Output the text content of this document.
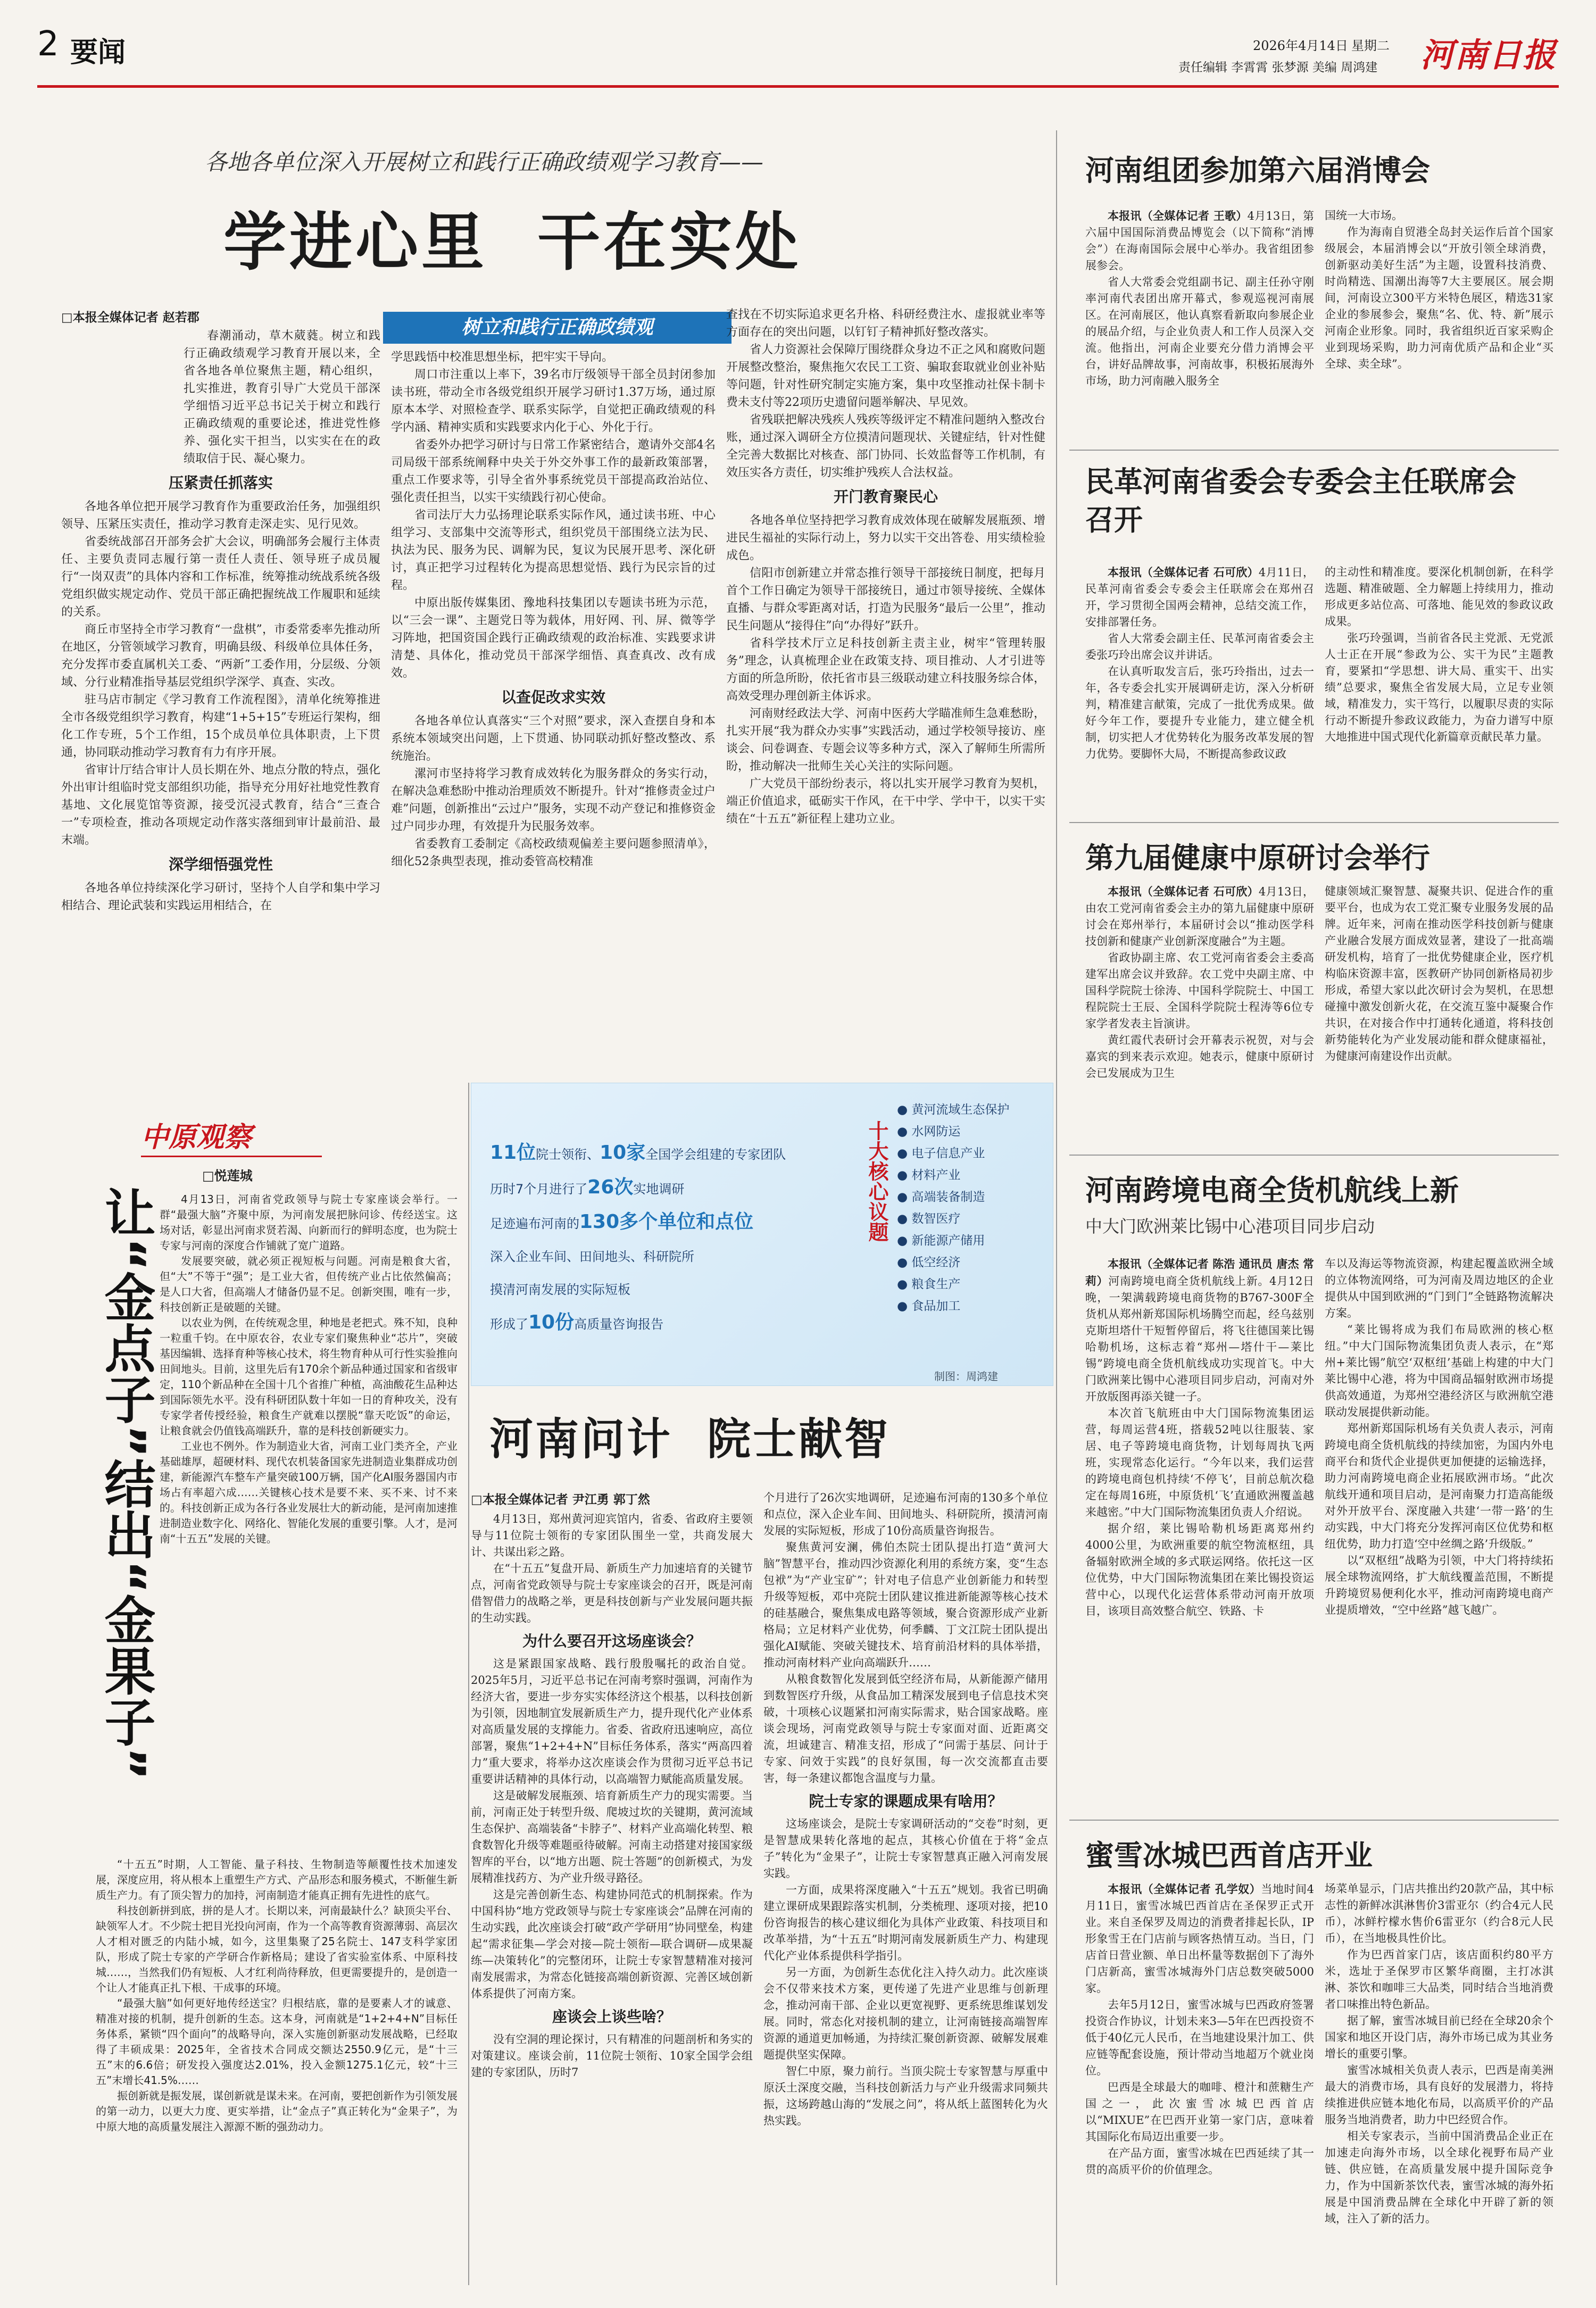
2 要闻	2026年4月14日 星期二
责任编辑 李霄霄 张梦源 美编 周鸿建 河南日报
各地各单位深入开展树立和践行正确政绩观学习教育——
学进心里  干在实处
□本报全媒体记者 赵若郡	树立和践行正确政绩观

春潮涌动，草木葳蕤。树立和践行正确政绩观学习教育开展以来，全省各地各单位聚焦主题，精心组织，扎实推进，教育引导广大党员干部深学细悟习近平总书记关于树立和践行正确政绩观的重要论述，推进党性修养、强化实干担当，以实实在在的政绩取信于民、凝心聚力。

压紧责任抓落实

各地各单位把开展学习教育作为重要政治任务，加强组织领导、压紧压实责任，推动学习教育走深走实、见行见效。

省委统战部召开部务会扩大会议，明确部务会履行主体责任、主要负责同志履行第一责任人责任、领导班子成员履行“一岗双责”的具体内容和工作标准，统筹推动统战系统各级党组织做实规定动作、党员干部正确把握统战工作履职和延续的关系。

商丘市坚持全市学习教育“一盘棋”，市委常委率先推动所在地区，分管领域学习教育，明确县级、科级单位具体任务，充分发挥市委直属机关工委、“两新”工委作用，分层级、分领域、分行业精准指导基层党组织学深学、真查、实改。

驻马店市制定《学习教育工作流程图》，清单化统筹推进全市各级党组织学习教育，构建“1+5+15”专班运行架构，细化工作专班，5个工作组，15个成员单位具体职责，上下贯通，协同联动推动学习教育有力有序开展。

省审计厅结合审计人员长期在外、地点分散的特点，强化外出审计组临时党支部组织功能，指导充分用好社地党性教育基地、文化展览馆等资源，接受沉浸式教育，结合“三查合一”专项检查，推动各项规定动作落实落细到审计最前沿、最末端。

深学细悟强党性

各地各单位持续深化学习研讨，坚持个人自学和集中学习相结合、理论武装和实践运用相结合，在

学思践悟中校准思想坐标，把牢实干导向。

周口市注重以上率下，39名市厅级领导干部全员封闭参加读书班，带动全市各级党组织开展学习研讨1.37万场，通过原原本本学、对照检查学、联系实际学，自觉把正确政绩观的科学内涵、精神实质和实践要求内化于心、外化于行。

省委外办把学习研讨与日常工作紧密结合，邀请外交部4名司局级干部系统阐释中央关于外交外事工作的最新政策部署，重点工作要求等，引导全省外事系统党员干部提高政治站位、强化责任担当，以实干实绩践行初心使命。

省司法厅大力弘扬理论联系实际作风，通过读书班、中心组学习、支部集中交流等形式，组织党员干部围绕立法为民、执法为民、服务为民、调解为民，复议为民展开思考、深化研讨，真正把学习过程转化为提高思想觉悟、践行为民宗旨的过程。

中原出版传媒集团、豫地科技集团以专题读书班为示范，以“三会一课”、主题党日等为载体，用好网、刊、屏、微等学习阵地，把国资国企践行正确政绩观的政治标准、实践要求讲清楚、具体化，推动党员干部深学细悟、真查真改、改有成效。

以查促改求实效

各地各单位认真落实“三个对照”要求，深入查摆自身和本系统本领域突出问题，上下贯通、协同联动抓好整改整改、系统施治。

漯河市坚持将学习教育成效转化为服务群众的务实行动，在解决急难愁盼中推动治理质效不断提升。针对“推修责金过户难”问题，创新推出“云过户”服务，实现不动产登记和推修资金过户同步办理，有效提升为民服务效率。

省委教育工委制定《高校政绩观偏差主要问题参照清单》，细化52条典型表现，推动委管高校精准

查找在不切实际追求更名升格、科研经费注水、虚报就业率等方面存在的突出问题，以钉钉子精神抓好整改落实。

省人力资源社会保障厅围绕群众身边不正之风和腐败问题开展整改整治，聚焦拖欠农民工工资、骗取套取就业创业补贴等问题，针对性研究制定实施方案，集中攻坚推动社保卡制卡费未支付等22项历史遗留问题举解决、早见效。

省残联把解决残疾人残疾等级评定不精准问题纳入整改台账，通过深入调研全方位摸清问题现状、关键症结，针对性健全完善大数据比对核查、部门协同、长效监督等工作机制，有效压实各方责任，切实维护残疾人合法权益。

开门教育聚民心

各地各单位坚持把学习教育成效体现在破解发展瓶颈、增进民生福祉的实际行动上，努力以实干交出答卷、用实绩检验成色。

信阳市创新建立并常态推行领导干部接统日制度，把每月首个工作日确定为领导干部接统日，通过市领导接统、全媒体直播、与群众零距离对话，打造为民服务“最后一公里”，推动民生问题从“接得住”向“办得好”跃升。

省科学技术厅立足科技创新主责主业，树牢“管理转服务”理念，认真梳理企业在政策支持、项目推动、人才引进等方面的所急所盼，依托省市县三级联动建立科技服务综合体，高效受理办理创新主体诉求。

河南财经政法大学、河南中医药大学瞄准师生急难愁盼，扎实开展“我为群众办实事”实践活动，通过学校领导接访、座谈会、问卷调查、专题会议等多种方式，深入了解师生所需所盼，推动解决一批师生关心关注的实际问题。

广大党员干部纷纷表示，将以扎实开展学习教育为契机，端正价值追求，砥砺实干作风，在干中学、学中干，以实干实绩在“十五五”新征程上建功立业。

中原观察
□悦莲城
让“金点子”结出“金果子”	4月13日，河南省党政领导与院士专家座谈会举行。一群“最强大脑”齐聚中原，为河南发展把脉问诊、传经送宝。这场对话，彰显出河南求贤若渴、向新而行的鲜明态度，也为院士专家与河南的深度合作铺就了宽广道路。

发展要突破，就必须正视短板与问题。河南是粮食大省，但“大”不等于“强”；是工业大省，但传统产业占比依然偏高；是人口大省，但高端人才储备仍显不足。创新突围，唯有一步，科技创新正是破题的关键。

以农业为例，在传统观念里，种地是老把式。殊不知，良种一粒重千钧。在中原农谷，农业专家们聚焦种业“芯片”，突破基因编辑、选择育种等核心技术，将生物育种从可行性实验推向田间地头。目前，这里先后有170余个新品种通过国家和省级审定，110个新品种在全国十几个省推广种植，高油酸花生品种达到国际领先水平。没有科研团队数十年如一日的育种攻关，没有专家学者传授经验，粮食生产就难以摆脱“靠天吃饭”的命运，让粮食就会仍值钱高端跃升，靠的是科技创新硬实力。

工业也不例外。作为制造业大省，河南工业门类齐全，产业基础雄厚，超硬材料、现代农机装备国家先进制造业集群成功创建，新能源汽车整车产量突破100万辆，国产化AI服务器国内市场占有率超六成……关键核心技术是要不来、买不来、讨不来的。科技创新正成为各行各业发展壮大的新动能，是河南加速推进制造业数字化、网络化、智能化发展的重要引擎。人才，是河南“十五五”发展的关键。

“十五五”时期，人工智能、量子科技、生物制造等颠覆性技术加速发展，深度应用，将从根本上重塑生产方式、产品形态和服务模式，不断催生新质生产力。有了顶尖智力的加持，河南制造才能真正拥有先进性的底气。

科技创新拼到底，拼的是人才。长期以来，河南最缺什么？缺顶尖平台、缺领军人才。不少院士把目光投向河南，作为一个高等教育资源薄弱、高层次人才相对匮乏的内陆小城，如今，这里集聚了25名院士、147支科学家团队，形成了院士专家的产学研合作新格局；建设了省实验室体系、中原科技城……，当然我们仍有短板、人才红利尚待释放，但更需要提升的，是创造一个让人才能真正扎下根、干成事的环境。

“最强大脑”如何更好地传经送宝？归根结底，靠的是要素人才的诚意、精准对接的机制，提升创新的生态。这本身，河南就是“1+2+4+N”目标任务体系，紧锁“四个面向”的战略导向，深入实施创新驱动发展战略，已经取得了丰硕成果：2025年，全省技术合同成交额达2550.9亿元，是“十三五”末的6.6倍；研发投入强度达2.01%，投入金额1275.1亿元，较“十三五”末增长41.5%……

振创新就是振发展，谋创新就是谋未来。在河南，要把创新作为引领发展的第一动力，以更大力度、更实举措，让“金点子”真正转化为“金果子”，为中原大地的高质量发展注入源源不断的强劲动力。

11位院士领衔、10家全国学会组建的专家团队
历时7个月进行了26次实地调研
足迹遍布河南的130多个单位和点位
深入企业车间、田间地头、科研院所
摸清河南发展的实际短板
形成了10份高质量咨询报告
十大核心议题
● 黄河流域生态保护
● 水网防运
● 电子信息产业
● 材料产业
● 高端装备制造
● 数智医疗
● 新能源产储用
● 低空经济
● 粮食生产
● 食品加工
制图：周鸿建
河南问计  院士献智
□本报全媒体记者 尹江勇 郭丁然

4月13日，郑州黄河迎宾馆内，省委、省政府主要领导与11位院士领衔的专家团队围坐一堂，共商发展大计、共谋出彩之路。

在“十五五”复盘开局、新质生产力加速培育的关键节点，河南省党政领导与院士专家座谈会的召开，既是河南借智借力的战略之举，更是科技创新与产业发展问题共振的生动实践。

为什么要召开这场座谈会？

这是紧跟国家战略、践行殷殷嘱托的政治自觉。2025年5月，习近平总书记在河南考察时强调，河南作为经济大省，要进一步夯实实体经济这个根基，以科技创新为引领，因地制宜发展新质生产力，提升现代化产业体系对高质量发展的支撑能力。省委、省政府迅速响应，高位部署，聚焦“1+2+4+N”目标任务体系，落实“两高四着力”重大要求，将举办这次座谈会作为贯彻习近平总书记重要讲话精神的具体行动，以高端智力赋能高质量发展。

这是破解发展瓶颈、培育新质生产力的现实需要。当前，河南正处于转型升级、爬坡过坎的关键期，黄河流域生态保护、高端装备“卡脖子”、材料产业高端化转型、粮食数智化升级等难题亟待破解。河南主动搭建对接国家级智库的平台，以“地方出题、院士答题”的创新模式，为发展精准找药方、为产业升级寻路径。

这是完善创新生态、构建协同范式的机制探索。作为中国科协“地方党政领导与院士专家座谈会”品牌在河南的生动实践，此次座谈会打破“政产学研用”协同壁垒，构建起“需求征集—学会对接—院士领衔—联合调研—成果凝练—决策转化”的完整闭环，让院士专家智慧精准对接河南发展需求，为常态化链接高端创新资源、完善区域创新体系提供了河南方案。

座谈会上谈些啥？

没有空洞的理论探讨，只有精准的问题剖析和务实的对策建议。座谈会前，11位院士领衔、10家全国学会组建的专家团队，历时7

个月进行了26次实地调研，足迹遍布河南的130多个单位和点位，深入企业车间、田间地头、科研院所，摸清河南发展的实际短板，形成了10份高质量咨询报告。

聚焦黄河安澜，佛伯杰院士团队提出打造“黄河大脑”智慧平台，推动四沙资源化利用的系统方案，变“生态包袱”为“产业宝矿”；针对电子信息产业创新能力和转型升级等短板，邓中亮院士团队建议推进新能源等核心技术的硅基融合，聚焦集成电路等领域，聚合资源形成产业新格局；立足材料产业优势，何季麟、丁文江院士团队提出强化AI赋能、突破关键技术、培育前沿材料的具体举措，推动河南材料产业向高端跃升……

从粮食数智化发展到低空经济布局，从新能源产储用到数智医疗升级，从食品加工精深发展到电子信息技术突破，十项核心议题紧扣河南实际需求，贴合国家战略。座谈会现场，河南党政领导与院士专家面对面、近距离交流，坦诚建言、精准支招，形成了“问需于基层、问计于专家、问效于实践”的良好氛围，每一次交流都直击要害，每一条建议都饱含温度与力量。

院士专家的课题成果有啥用？

这场座谈会，是院士专家调研活动的“交卷”时刻，更是智慧成果转化落地的起点，其核心价值在于将“金点子”转化为“金果子”，让院士专家智慧真正融入河南发展实践。

一方面，成果将深度融入“十五五”规划。我省已明确建立课研成果跟踪落实机制，分类梳理、逐项对接，把10份咨询报告的核心建议细化为具体产业政策、科技项目和改革举措，为“十五五”时期河南发展新质生产力、构建现代化产业体系提供科学指引。

另一方面，为创新生态优化注入持久动力。此次座谈会不仅带来技术方案，更传递了先进产业思维与创新理念，推动河南干部、企业以更宽视野、更系统思维谋划发展。同时，常态化对接机制的建立，让河南链接高端智库资源的通道更加畅通，为持续汇聚创新资源、破解发展难题提供坚实保障。

智仁中原，聚力前行。当顶尖院士专家智慧与厚重中原沃土深度交融，当科技创新活力与产业升级需求同频共振，这场跨越山海的“发展之问”，将从纸上蓝图转化为火热实践。

河南组团参加第六届消博会

本报讯（全媒体记者 王歌）4月13日，第六届中国国际消费品博览会（以下简称“消博会”）在海南国际会展中心举办。我省组团参展参会。

省人大常委会党组副书记、副主任孙守刚率河南代表团出席开幕式，参观巡视河南展区。在河南展区，他认真察看新取向参展企业的展品介绍，与企业负责人和工作人员深入交流。他指出，河南企业要充分借力消博会平台，讲好品牌故事，河南故事，积极拓展海外市场，助力河南融入服务全

国统一大市场。

作为海南自贸港全岛封关运作后首个国家级展会，本届消博会以“开放引领全球消费，创新驱动美好生活”为主题，设置科技消费、时尚精选、国潮出海等7大主要展区。展会期间，河南设立300平方米特色展区，精选31家企业的参展参会，聚焦“名、优、特、新”展示河南企业形象。同时，我省组织近百家采购企业到现场采购，助力河南优质产品和企业“买全球、卖全球”。

民革河南省委会专委会主任联席会召开

本报讯（全媒体记者 石可欣）4月11日，民革河南省委会专委会主任联席会在郑州召开，学习贯彻全国两会精神，总结交流工作，安排部署任务。

省人大常委会副主任、民革河南省委会主委张巧玲出席会议并讲话。

在认真听取发言后，张巧玲指出，过去一年，各专委会扎实开展调研走访，深入分析研判，精准建言献策，完成了一批优秀成果。做好今年工作，要提升专业能力，建立健全机制，切实把人才优势转化为服务改革发展的智力优势。要脚怀大局，不断提高参政议政

的主动性和精准度。要深化机制创新，在科学选题、精准破题、全力解题上持续用力，推动形成更多站位高、可落地、能见效的参政议政成果。

张巧玲强调，当前省各民主党派、无党派人士正在开展“参政为公、实干为民”主题教育，要紧扣“学思想、讲大局、重实干、出实绩”总要求，聚焦全省发展大局，立足专业领域，精准发力，实干笃行，以履职尽责的实际行动不断提升参政议政能力，为奋力谱写中原大地推进中国式现代化新篇章贡献民革力量。

第九届健康中原研讨会举行

本报讯（全媒体记者 石可欣）4月13日，由农工党河南省委会主办的第九届健康中原研讨会在郑州举行，本届研讨会以“推动医学科技创新和健康产业创新深度融合”为主题。

省政协副主席、农工党河南省委会主委高建军出席会议并致辞。农工党中央副主席、中国科学院院士徐涛、中国科学院院士、中国工程院院士王辰、全国科学院院士程涛等6位专家学者发表主旨演讲。

黄红霞代表研讨会开幕表示祝贺，对与会嘉宾的到来表示欢迎。她表示，健康中原研讨会已发展成为卫生

健康领域汇聚智慧、凝聚共识、促进合作的重要平台，也成为农工党汇聚专业服务发展的品牌。近年来，河南在推动医学科技创新与健康产业融合发展方面成效显著，建设了一批高端研发机构，培育了一批优势健康企业，医疗机构临床资源丰富，医教研产协同创新格局初步形成，希望大家以此次研讨会为契机，在思想碰撞中激发创新火花，在交流互鉴中凝聚合作共识，在对接合作中打通转化通道，将科技创新势能转化为产业发展动能和群众健康福祉，为健康河南建设作出贡献。

河南跨境电商全货机航线上新
中大门欧洲莱比锡中心港项目同步启动

本报讯（全媒体记者 陈浩 通讯员 唐杰 常莉）河南跨境电商全货机航线上新。4月12日晚，一架满载跨境电商货物的B767-300F全货机从郑州新郑国际机场腾空而起，经乌兹别克斯坦塔什干短暂停留后，将飞往德国莱比锡哈勒机场，这标志着“郑州—塔什干—莱比锡”跨境电商全货机航线成功实现首飞。中大门欧洲莱比锡中心港项目同步启动，河南对外开放版图再添关键一子。

本次首飞航班由中大门国际物流集团运营，每周运营4班，搭载52吨以往服装、家居、电子等跨境电商货物，计划每周执飞两班，实现常态化运行。“今年以来，我们运营的跨境电商包机持续‘不停飞’，目前总航次稳定在每周16班，中原货机‘飞’直通欧洲覆盖越来越密。”中大门国际物流集团负责人介绍说。

据介绍，莱比锡哈勒机场距离郑州约4000公里，为欧洲重要的航空物流枢纽，具备辐射欧洲全域的多式联运网络。依托这一区位优势，中大门国际物流集团在莱比锡投资运营中心，以现代化运营体系带动河南开放项目，该项目高效整合航空、铁路、卡

车以及海运等物流资源，构建起覆盖欧洲全域的立体物流网络，可为河南及周边地区的企业提供从中国到欧洲的“门到门”全链路物流解决方案。

“莱比锡将成为我们布局欧洲的核心枢纽。”中大门国际物流集团负责人表示，在“郑州+莱比锡”航空‘双枢纽’基础上构建的中大门莱比锡中心港，将为中国商品辐射欧洲市场提供高效通道，为郑州空港经济区与欧洲航空港联动发展提供新动能。

郑州新郑国际机场有关负责人表示，河南跨境电商全货机航线的持续加密，为国内外电商平台和货代企业提供更加便捷的运输选择，助力河南跨境电商企业拓展欧洲市场。“此次航线开通和项目启动，是河南聚力打造高能级对外开放平台、深度融入共建‘一带一路’的生动实践，中大门将充分发挥河南区位优势和枢纽优势，助力打造‘空中丝绸之路’升级版。”

以“双枢纽”战略为引领，中大门将持续拓展全球物流网络，扩大航线覆盖范围，不断提升跨境贸易便利化水平，推动河南跨境电商产业提质增效，“空中丝路”越飞越广。

蜜雪冰城巴西首店开业

本报讯（全媒体记者 孔学奴）当地时间4月11日，蜜雪冰城巴西首店在圣保罗正式开业。来自圣保罗及周边的消费者排起长队，IP形象雪王在门店前与顾客热情互动。当日，门店首日营业额、单日出杯量等数据创下了海外门店新高，蜜雪冰城海外门店总数突破5000家。

去年5月12日，蜜雪冰城与巴西政府签署投资合作协议，计划未来3—5年在巴西投资不低于40亿元人民币，在当地建设果汁加工、供应链等配套设施，预计带动当地超万个就业岗位。

巴西是全球最大的咖啡、橙汁和蔗糖生产国之一，此次蜜雪冰城巴西首店以“MIXUE”在巴西开业第一家门店，意味着其国际化布局迈出重要一步。

在产品方面，蜜雪冰城在巴西延续了其一贯的高质平价的价值理念。

场菜单显示，门店共推出约20款产品，其中标志性的新鲜冰淇淋售价3雷亚尔（约合4元人民币），冰鲜柠檬水售价6雷亚尔（约合8元人民币），在当地极具性价比。

作为巴西首家门店，该店面积约80平方米，选址于圣保罗市区繁华商圈，主打冰淇淋、茶饮和咖啡三大品类，同时结合当地消费者口味推出特色新品。

据了解，蜜雪冰城目前已经在全球20余个国家和地区开设门店，海外市场已成为其业务增长的重要引擎。

蜜雪冰城相关负责人表示，巴西是南美洲最大的消费市场，具有良好的发展潜力，将持续推进供应链本地化布局，以高质平价的产品服务当地消费者，助力中巴经贸合作。

相关专家表示，当前中国消费品企业正在加速走向海外市场，以全球化视野布局产业链、供应链，在高质量发展中提升国际竞争力，作为中国新茶饮代表，蜜雪冰城的海外拓展是中国消费品牌在全球化中开辟了新的领域，注入了新的活力。
